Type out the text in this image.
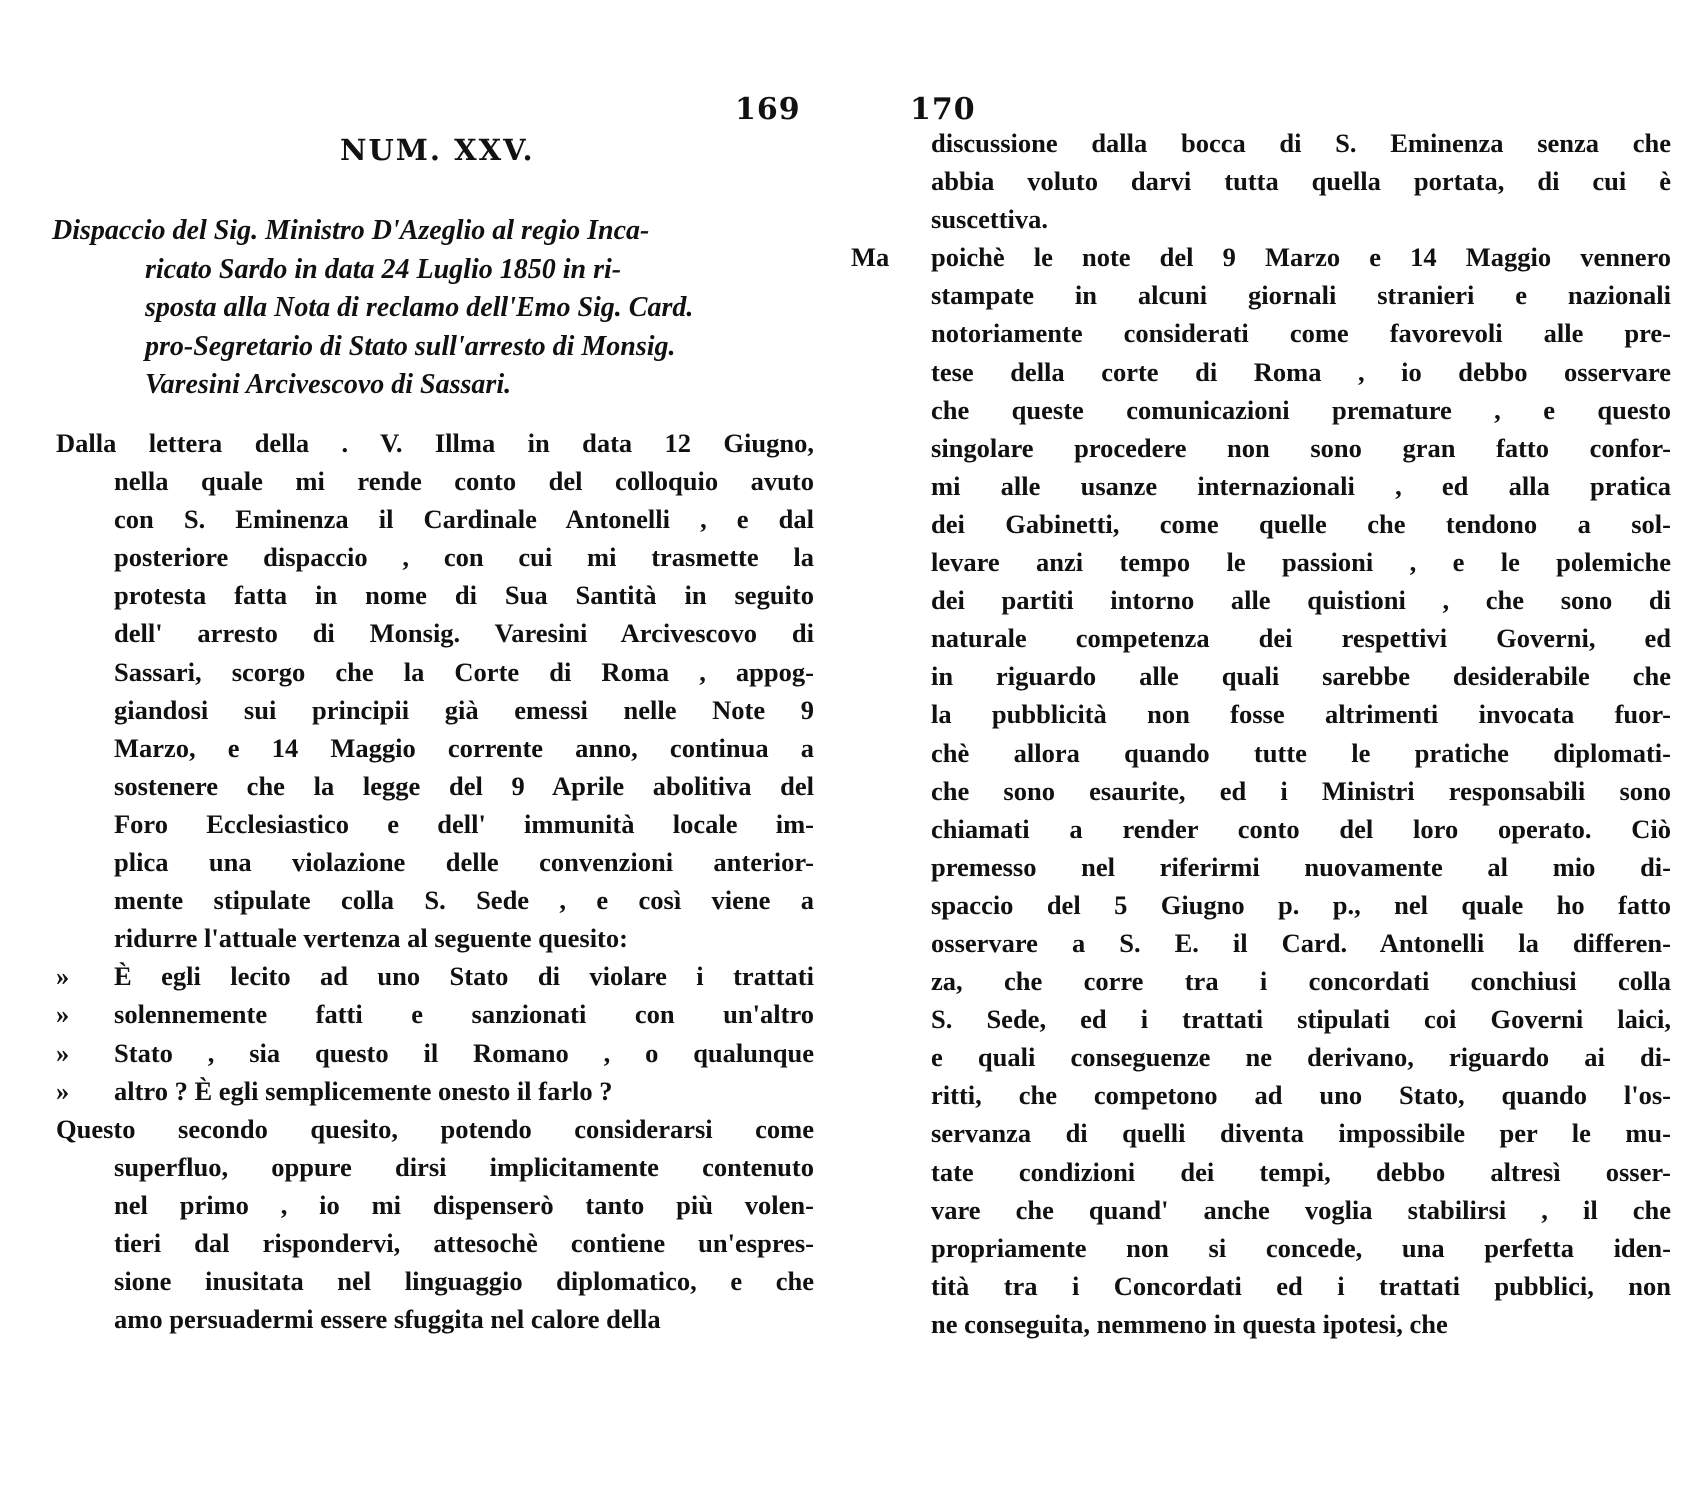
169
NUM. XXV.
Dispaccio del Sig. Ministro D'Azeglio al regio Inca-
ricato Sardo in data 24 Luglio 1850 in ri-
sposta alla Nota di reclamo dell'Emo Sig. Card.
pro-Segretario di Stato sull'arresto di Monsig.
Varesini Arcivescovo di Sassari.
Dalla lettera della . V. Illma in data 12 Giugno,
nella quale mi rende conto del colloquio avuto
con S. Eminenza il Cardinale Antonelli , e dal
posteriore dispaccio , con cui mi trasmette la
protesta fatta in nome di Sua Santità in seguito
dell' arresto di Monsig. Varesini Arcivescovo di
Sassari, scorgo che la Corte di Roma , appog-
giandosi sui principii già emessi nelle Note 9
Marzo, e 14 Maggio corrente anno, continua a
sostenere che la legge del 9 Aprile abolitiva del
Foro Ecclesiastico e dell' immunità locale im-
plica una violazione delle convenzioni anterior-
mente stipulate colla S. Sede , e così viene a
ridurre l'attuale vertenza al seguente quesito:
» È egli lecito ad uno Stato di violare i trattati
» solennemente fatti e sanzionati con un'altro
» Stato , sia questo il Romano , o qualunque
» altro ? È egli semplicemente onesto il farlo ?
Questo secondo quesito, potendo considerarsi come
superfluo, oppure dirsi implicitamente contenuto
nel primo , io mi dispenserò tanto più volen-
tieri dal rispondervi, attesochè contiene un'espres-
sione inusitata nel linguaggio diplomatico, e che
amo persuadermi essere sfuggita nel calore della
170
discussione dalla bocca di S. Eminenza senza che
abbia voluto darvi tutta quella portata, di cui è
suscettiva.
Ma poichè le note del 9 Marzo e 14 Maggio vennero
stampate in alcuni giornali stranieri e nazionali
notoriamente considerati come favorevoli alle pre-
tese della corte di Roma , io debbo osservare
che queste comunicazioni premature , e questo
singolare procedere non sono gran fatto confor-
mi alle usanze internazionali , ed alla pratica
dei Gabinetti, come quelle che tendono a sol-
levare anzi tempo le passioni , e le polemiche
dei partiti intorno alle quistioni , che sono di
naturale competenza dei respettivi Governi, ed
in riguardo alle quali sarebbe desiderabile che
la pubblicità non fosse altrimenti invocata fuor-
chè allora quando tutte le pratiche diplomati-
che sono esaurite, ed i Ministri responsabili sono
chiamati a render conto del loro operato. Ciò
premesso nel riferirmi nuovamente al mio di-
spaccio del 5 Giugno p. p., nel quale ho fatto
osservare a S. E. il Card. Antonelli la differen-
za, che corre tra i concordati conchiusi colla
S. Sede, ed i trattati stipulati coi Governi laici,
e quali conseguenze ne derivano, riguardo ai di-
ritti, che competono ad uno Stato, quando l'os-
servanza di quelli diventa impossibile per le mu-
tate condizioni dei tempi, debbo altresì osser-
vare che quand' anche voglia stabilirsi , il che
propriamente non si concede, una perfetta iden-
tità tra i Concordati ed i trattati pubblici, non
ne conseguita, nemmeno in questa ipotesi, che
